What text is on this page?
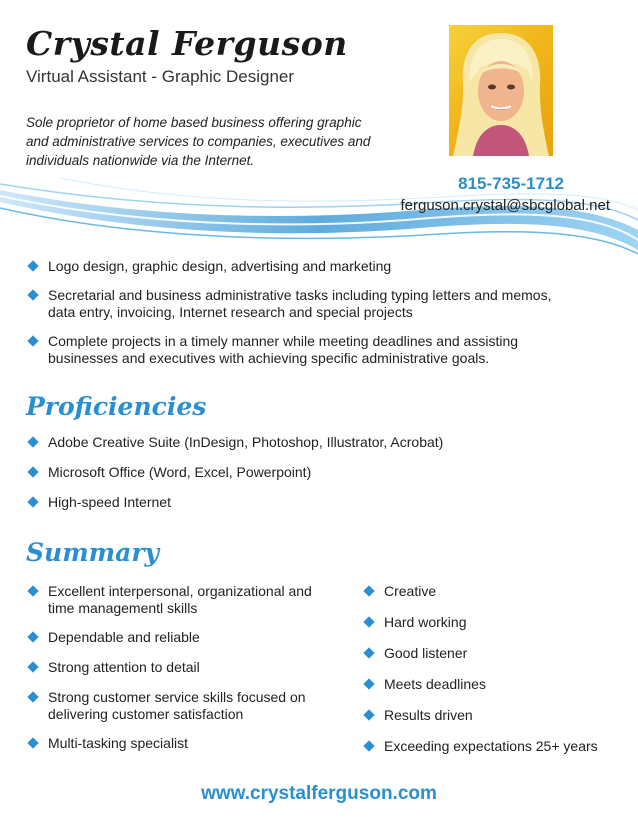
Crystal Ferguson
Virtual Assistant - Graphic Designer
Sole proprietor of home based business offering graphic and administrative services to companies, executives and individuals nationwide via the Internet.
815-735-1712
ferguson.crystal@sbcglobal.net
Logo design, graphic design, advertising and marketing
Secretarial and business administrative tasks including typing letters and memos, data entry, invoicing, Internet research and special projects
Complete projects in a timely manner while meeting deadlines and assisting businesses and executives with achieving specific administrative goals.
Proficiencies
Adobe Creative Suite (InDesign, Photoshop, Illustrator, Acrobat)
Microsoft Office (Word, Excel, Powerpoint)
High-speed Internet
Summary
Excellent interpersonal, organizational and time managementl skills
Dependable and reliable
Strong attention to detail
Strong customer service skills focused on delivering customer satisfaction
Multi-tasking specialist
Creative
Hard working
Good listener
Meets deadlines
Results driven
Exceeding expectations 25+ years
www.crystalferguson.com
